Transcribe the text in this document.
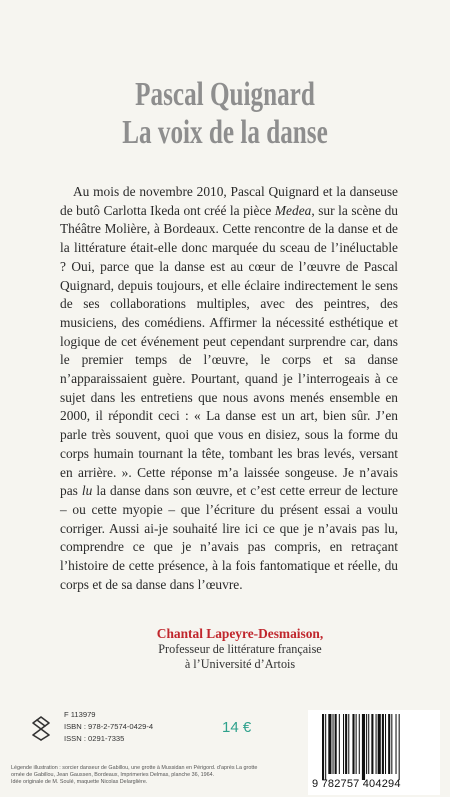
Pascal Quignard
La voix de la danse

Au mois de novembre 2010, Pascal Quignard et la danseuse de butô Carlotta Ikeda ont créé la pièce Medea, sur la scène du Théâtre Molière, à Bordeaux. Cette rencontre de la danse et de la littérature était-elle donc marquée du sceau de l’inéluctable ? Oui, parce que la danse est au cœur de l’œuvre de Pascal Quignard, depuis toujours, et elle éclaire indirectement le sens de ses collaborations multiples, avec des peintres, des musiciens, des comédiens. Affirmer la nécessité esthétique et logique de cet événement peut cependant surprendre car, dans le premier temps de l’œuvre, le corps et sa danse n’apparaissaient guère. Pourtant, quand je l’interrogeais à ce sujet dans les entretiens que nous avons menés ensemble en 2000, il répondit ceci : « La danse est un art, bien sûr. J’en parle très souvent, quoi que vous en disiez, sous la forme du corps humain tournant la tête, tombant les bras levés, versant en arrière. ». Cette réponse m’a laissée songeuse. Je n’avais pas lu la danse dans son œuvre, et c’est cette erreur de lecture – ou cette myopie – que l’écriture du présent essai a voulu corriger. Aussi ai-je souhaité lire ici ce que je n’avais pas lu, comprendre ce que je n’avais pas compris, en retraçant l’histoire de cette présence, à la fois fantomatique et réelle, du corps et de sa danse dans l’œuvre.

Chantal Lapeyre-Desmaison,
Professeur de littérature française
à l’Université d’Artois
F 113979
ISBN : 978-2-7574-0429-4
ISSN : 0291-7335
14 €
Légende illustration : sorcier danseur de Gabillou, une grotte à Mussidan en Périgord. d’après La grotte
ornée de Gabillou, Jean Gaussen, Bordeaux, Imprimeries Delmas, planche 36, 1964.
Idée originale de M. Soulé, maquette Nicolas Delarglière.	9 782757 404294
